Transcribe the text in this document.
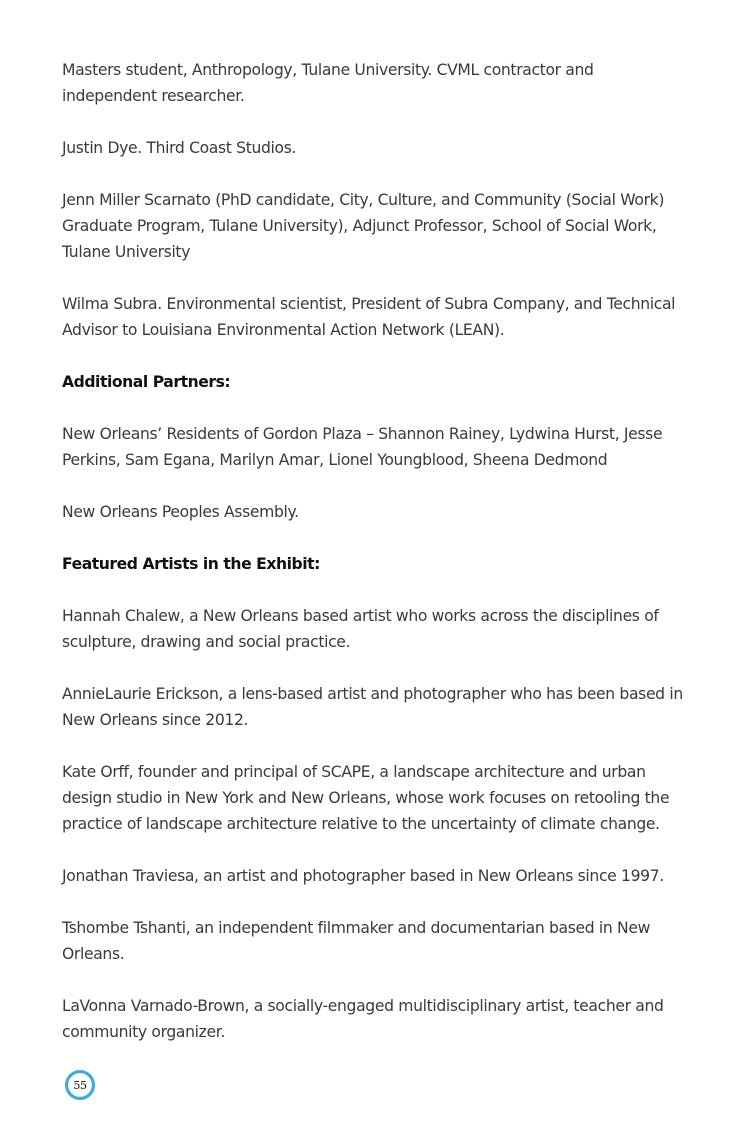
Masters student, Anthropology, Tulane University. CVML contractor and independent researcher.

Justin Dye. Third Coast Studios.

Jenn Miller Scarnato (PhD candidate, City, Culture, and Community (Social Work) Graduate Program, Tulane University), Adjunct Professor, School of Social Work, Tulane University

Wilma Subra. Environmental scientist, President of Subra Company, and Technical Advisor to Louisiana Environmental Action Network (LEAN).

Additional Partners:

New Orleans’ Residents of Gordon Plaza – Shannon Rainey, Lydwina Hurst, Jesse Perkins, Sam Egana, Marilyn Amar, Lionel Youngblood, Sheena Dedmond

New Orleans Peoples Assembly.

Featured Artists in the Exhibit:

Hannah Chalew, a New Orleans based artist who works across the disciplines of sculpture, drawing and social practice.

AnnieLaurie Erickson, a lens-based artist and photographer who has been based in New Orleans since 2012.

Kate Orff, founder and principal of SCAPE, a landscape architecture and urban design studio in New York and New Orleans, whose work focuses on retooling the practice of landscape architecture relative to the uncertainty of climate change.

Jonathan Traviesa, an artist and photographer based in New Orleans since 1997.

Tshombe Tshanti, an independent filmmaker and documentarian based in New Orleans.

LaVonna Varnado-Brown, a socially-engaged multidisciplinary artist, teacher and community organizer.

55
